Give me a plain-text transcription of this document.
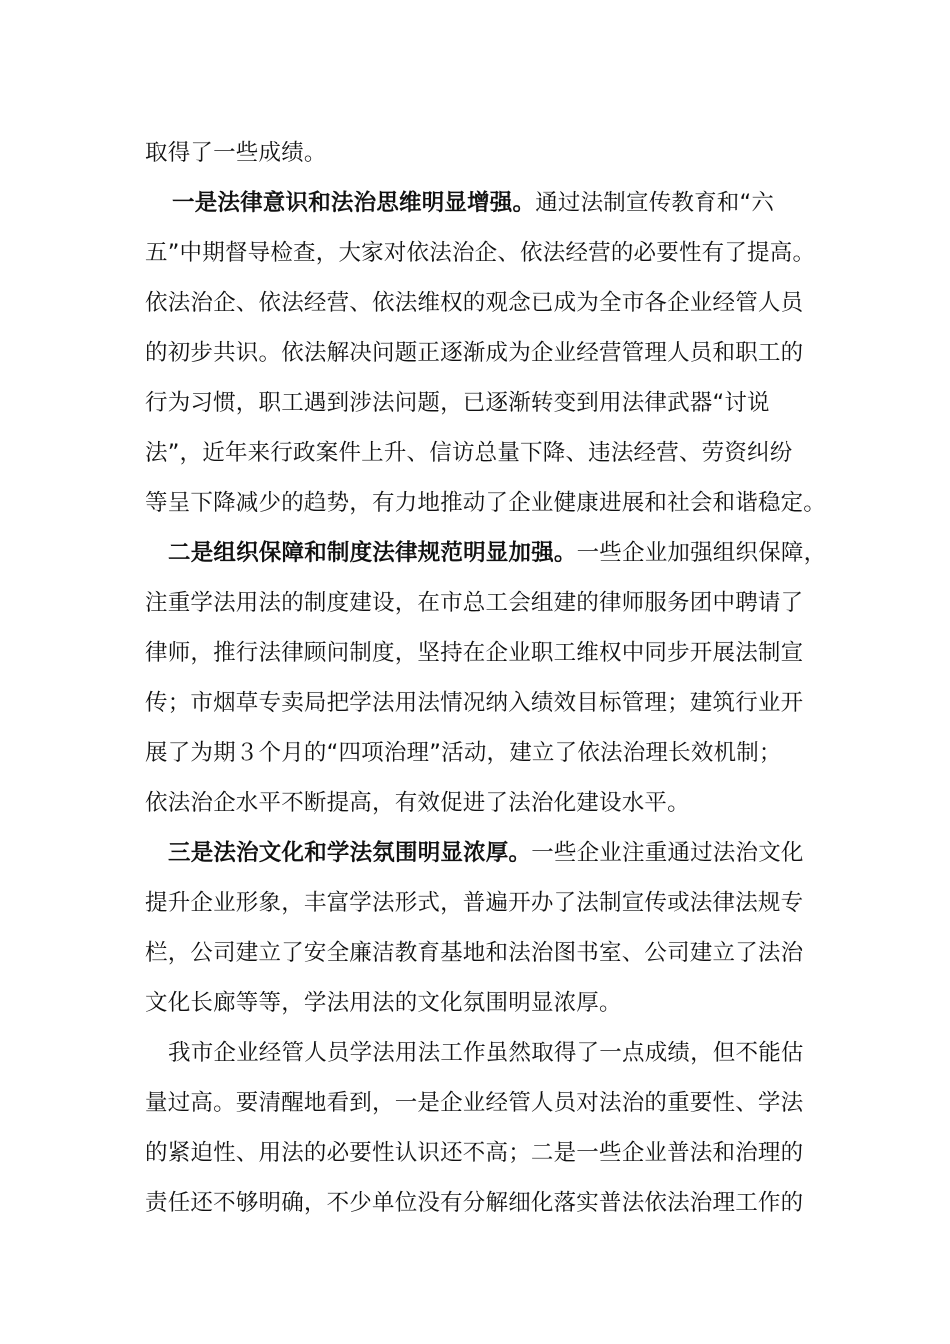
取得了一些成绩。
一是法律意识和法治思维明显增强。通过法制宣传教育和“六
五”中期督导检查，大家对依法治企、依法经营的必要性有了提高。
依法治企、依法经营、依法维权的观念已成为全市各企业经管人员
的初步共识。依法解决问题正逐渐成为企业经营管理人员和职工的
行为习惯，职工遇到涉法问题，已逐渐转变到用法律武器“讨说
法”，近年来行政案件上升、信访总量下降、违法经营、劳资纠纷
等呈下降减少的趋势，有力地推动了企业健康进展和社会和谐稳定。
二是组织保障和制度法律规范明显加强。一些企业加强组织保障，
注重学法用法的制度建设，在市总工会组建的律师服务团中聘请了
律师，推行法律顾问制度，坚持在企业职工维权中同步开展法制宣
传；市烟草专卖局把学法用法情况纳入绩效目标管理；建筑行业开
展了为期３个月的“四项治理”活动，建立了依法治理长效机制；
依法治企水平不断提高，有效促进了法治化建设水平。
三是法治文化和学法氛围明显浓厚。一些企业注重通过法治文化
提升企业形象，丰富学法形式，普遍开办了法制宣传或法律法规专
栏，公司建立了安全廉洁教育基地和法治图书室、公司建立了法治
文化长廊等等，学法用法的文化氛围明显浓厚。
我市企业经管人员学法用法工作虽然取得了一点成绩，但不能估
量过高。要清醒地看到，一是企业经管人员对法治的重要性、学法
的紧迫性、用法的必要性认识还不高；二是一些企业普法和治理的
责任还不够明确，不少单位没有分解细化落实普法依法治理工作的
